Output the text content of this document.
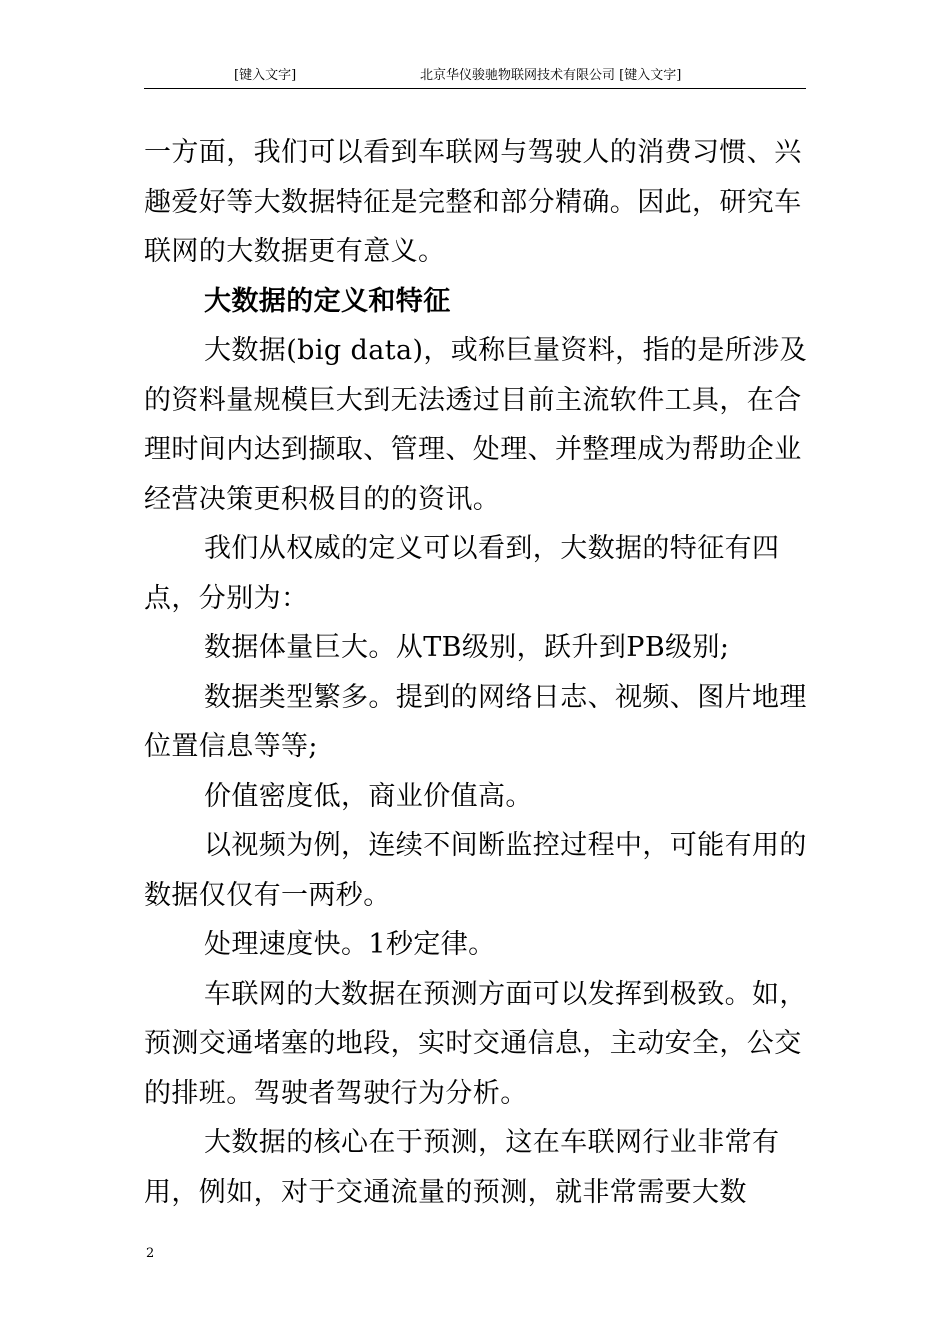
[键入文字]	北京华仪骏驰物联网技术有限公司 [键入文字]

一方面，我们可以看到车联网与驾驶人的消费习惯、兴趣爱好等大数据特征是完整和部分精确。因此，研究车联网的大数据更有意义。

大数据的定义和特征

大数据(big data)，或称巨量资料，指的是所涉及的资料量规模巨大到无法透过目前主流软件工具，在合理时间内达到撷取、管理、处理、并整理成为帮助企业经营决策更积极目的的资讯。

我们从权威的定义可以看到，大数据的特征有四点，分别为：

数据体量巨大。从TB级别，跃升到PB级别;

数据类型繁多。提到的网络日志、视频、图片地理位置信息等等;

价值密度低，商业价值高。

以视频为例，连续不间断监控过程中，可能有用的数据仅仅有一两秒。

处理速度快。1秒定律。

车联网的大数据在预测方面可以发挥到极致。如，预测交通堵塞的地段，实时交通信息，主动安全，公交的排班。驾驶者驾驶行为分析。

大数据的核心在于预测，这在车联网行业非常有用，例如，对于交通流量的预测，就非常需要大数

2
